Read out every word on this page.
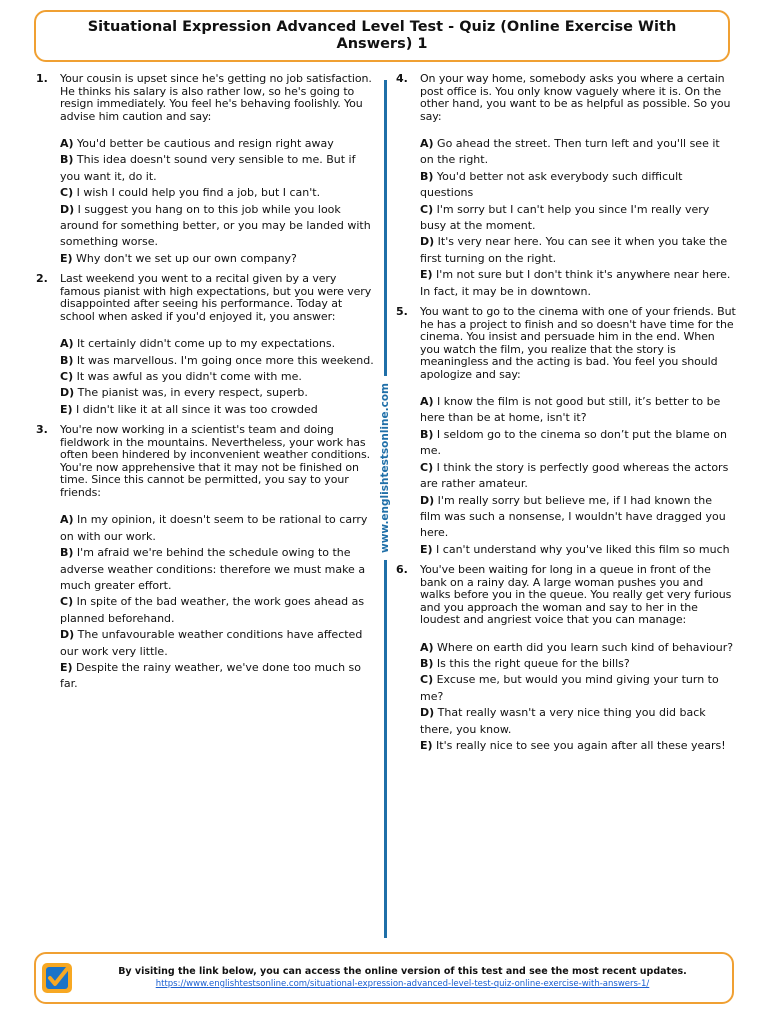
Situational Expression Advanced Level Test - Quiz (Online Exercise With Answers) 1
1.	Your cousin is upset since he's getting no job satisfaction. He thinks his salary is also rather low, so he's going to resign immediately. You feel he's behaving foolishly. You advise him caution and say:
A) You'd better be cautious and resign right away
B) This idea doesn't sound very sensible to me. But if you want it, do it.
C) I wish I could help you find a job, but I can't.
D) I suggest you hang on to this job while you look around for something better, or you may be landed with something worse.
E) Why don't we set up our own company?
2.	Last weekend you went to a recital given by a very famous pianist with high expectations, but you were very disappointed after seeing his performance. Today at school when asked if you'd enjoyed it, you answer:
A) It certainly didn't come up to my expectations.
B) It was marvellous. I'm going once more this weekend.
C) It was awful as you didn't come with me.
D) The pianist was, in every respect, superb.
E) I didn't like it at all since it was too crowded
3.	You're now working in a scientist's team and doing fieldwork in the mountains. Nevertheless, your work has often been hindered by inconvenient weather conditions. You're now apprehensive that it may not be finished on time. Since this cannot be permitted, you say to your friends:
A) In my opinion, it doesn't seem to be rational to carry on with our work.
B) I'm afraid we're behind the schedule owing to the adverse weather conditions: therefore we must make a much greater effort.
C) In spite of the bad weather, the work goes ahead as planned beforehand.
D) The unfavourable weather conditions have affected our work very little.
E) Despite the rainy weather, we've done too much so far.
www.englishtestsonline.com
4.	On your way home, somebody asks you where a certain post office is. You only know vaguely where it is. On the other hand, you want to be as helpful as possible. So you say:
A) Go ahead the street. Then turn left and you'll see it on the right.
B) You'd better not ask everybody such difficult questions
C) I'm sorry but I can't help you since I'm really very busy at the moment.
D) It's very near here. You can see it when you take the first turning on the right.
E) I'm not sure but I don't think it's anywhere near here. In fact, it may be in downtown.
5.	You want to go to the cinema with one of your friends. But he has a project to finish and so doesn't have time for the cinema. You insist and persuade him in the end. When you watch the film, you realize that the story is meaningless and the acting is bad. You feel you should apologize and say:
A) I know the film is not good but still, it’s better to be here than be at home, isn't it?
B) I seldom go to the cinema so don’t put the blame on me.
C) I think the story is perfectly good whereas the actors are rather amateur.
D) I'm really sorry but believe me, if I had known the film was such a nonsense, I wouldn't have dragged you here.
E) I can't understand why you've liked this film so much
6.	You've been waiting for long in a queue in front of the bank on a rainy day. A large woman pushes you and walks before you in the queue. You really get very furious and you approach the woman and say to her in the loudest and angriest voice that you can manage:
A) Where on earth did you learn such kind of behaviour?
B) Is this the right queue for the bills?
C) Excuse me, but would you mind giving your turn to me?
D) That really wasn't a very nice thing you did back there, you know.
E) It's really nice to see you again after all these years!
By visiting the link below, you can access the online version of this test and see the most recent updates.
https://www.englishtestsonline.com/situational-expression-advanced-level-test-quiz-online-exercise-with-answers-1/
